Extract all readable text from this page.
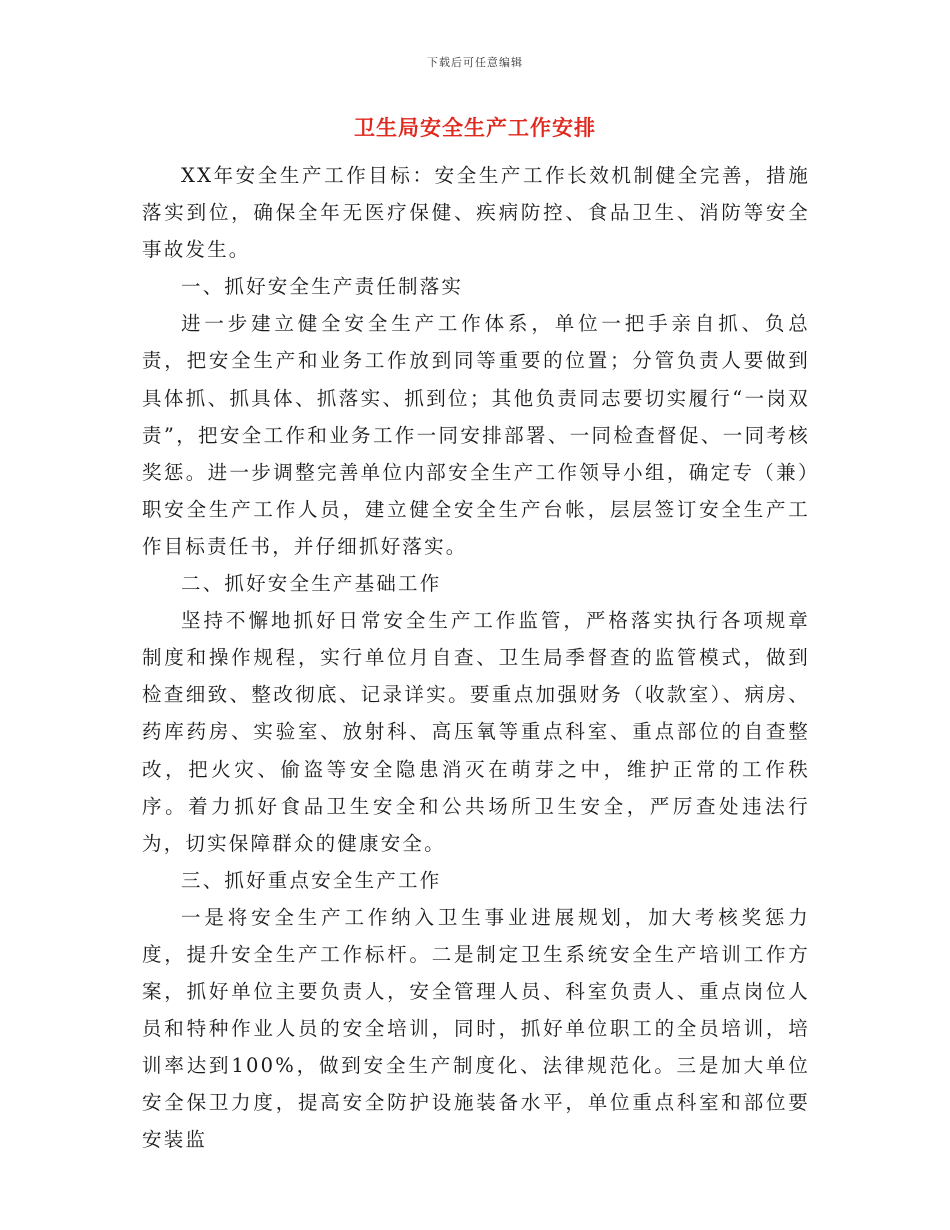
下载后可任意编辑
卫生局安全生产工作安排

XX年安全生产工作目标：安全生产工作长效机制健全完善，措施落实到位，确保全年无医疗保健、疾病防控、食品卫生、消防等安全事故发生。

一、抓好安全生产责任制落实

进一步建立健全安全生产工作体系，单位一把手亲自抓、负总责，把安全生产和业务工作放到同等重要的位置；分管负责人要做到具体抓、抓具体、抓落实、抓到位；其他负责同志要切实履行“一岗双责”，把安全工作和业务工作一同安排部署、一同检查督促、一同考核奖惩。进一步调整完善单位内部安全生产工作领导小组，确定专（兼）职安全生产工作人员，建立健全安全生产台帐，层层签订安全生产工作目标责任书，并仔细抓好落实。

二、抓好安全生产基础工作

坚持不懈地抓好日常安全生产工作监管，严格落实执行各项规章制度和操作规程，实行单位月自查、卫生局季督查的监管模式，做到检查细致、整改彻底、记录详实。要重点加强财务（收款室）、病房、药库药房、实验室、放射科、高压氧等重点科室、重点部位的自查整改，把火灾、偷盗等安全隐患消灭在萌芽之中，维护正常的工作秩序。着力抓好食品卫生安全和公共场所卫生安全，严厉查处违法行为，切实保障群众的健康安全。

三、抓好重点安全生产工作

一是将安全生产工作纳入卫生事业进展规划，加大考核奖惩力度，提升安全生产工作标杆。二是制定卫生系统安全生产培训工作方案，抓好单位主要负责人，安全管理人员、科室负责人、重点岗位人员和特种作业人员的安全培训，同时，抓好单位职工的全员培训，培训率达到100%，做到安全生产制度化、法律规范化。三是加大单位安全保卫力度，提高安全防护设施装备水平，单位重点科室和部位要安装监
